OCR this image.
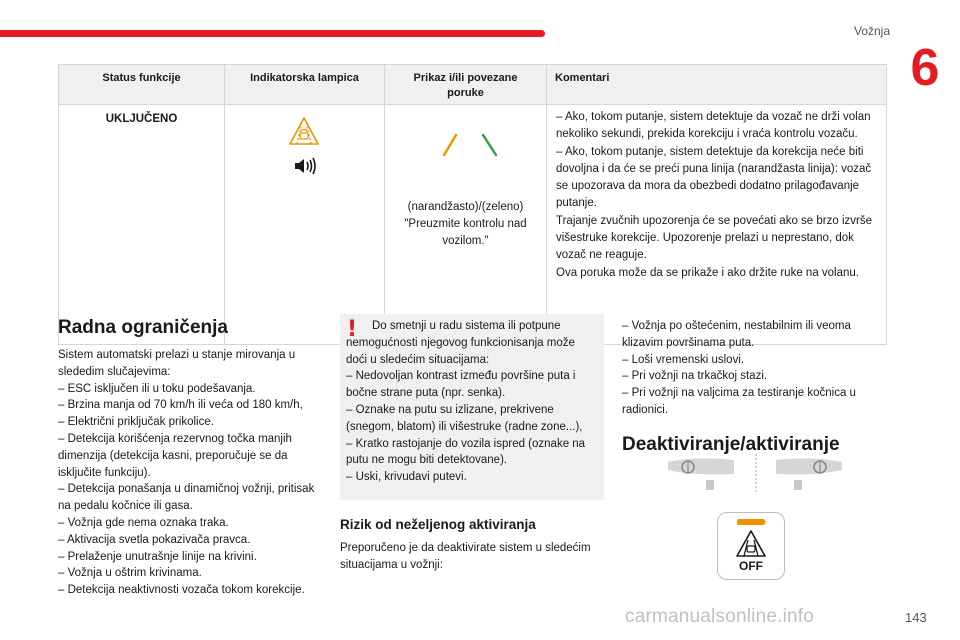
Vožnja
6
Status funkcije	Indikatorska lampica	Prikaz i/ili povezane poruke	Komentari
UKLJUČENO		(narandžasto)/(zeleno) "Preuzmite kontrolu nad vozilom."	– Ako, tokom putanje, sistem detektuje da vozač ne drži volan nekoliko sekundi, prekida korekciju i vraća kontrolu vozaču.
– Ako, tokom putanje, sistem detektuje da korekcija neće biti dovoljna i da će se preći puna linija (narandžasta linija): vozač se upozorava da mora da obezbedi dodatno prilagođavanje putanje.
Trajanje zvučnih upozorenja će se povećati ako se brzo izvrše višestruke korekcije. Upozorenje prelazi u neprestano, dok vozač ne reaguje.
Ova poruka može da se prikaže i ako držite ruke na volanu.
Radna ograničenja
Sistem automatski prelazi u stanje mirovanja u slededim slučajevima:
– ESC isključen ili u toku podešavanja.
– Brzina manja od 70 km/h ili veća od 180 km/h,
– Električni priključak prikolice.
– Detekcija korišćenja rezervnog točka manjih dimenzija (detekcija kasni, preporučuje se da isključite funkciju).
– Detekcija ponašanja u dinamičnoj vožnji, pritisak na pedalu kočnice ili gasa.
– Vožnja gde nema oznaka traka.
– Aktivacija svetla pokazivača pravca.
– Prelaženje unutrašnje linije na krivini.
– Vožnja u oštrim krivinama.
– Detekcija neaktivnosti vozača tokom korekcije.
!	Do smetnji u radu sistema ili potpune nemogućnosti njegovog funkcionisanja može doći u sledećim situacijama:
– Nedovoljan kontrast između površine puta i bočne strane puta (npr. senka).
– Oznake na putu su izlizane, prekrivene (snegom, blatom) ili višestruke (radne zone...),
– Kratko rastojanje do vozila ispred (oznake na putu ne mogu biti detektovane).
– Uski, krivudavi putevi.
Rizik od neželjenog aktiviranja
Preporučeno je da deaktivirate sistem u sledećim situacijama u vožnji:
– Vožnja po oštećenim, nestabilnim ili veoma klizavim površinama puta.
– Loši vremenski uslovi.
– Pri vožnji na trkačkoj stazi.
– Pri vožnji na valjcima za testiranje kočnica u radionici.
Deaktiviranje/aktiviranje
OFF
carmanualsonline.info	143
